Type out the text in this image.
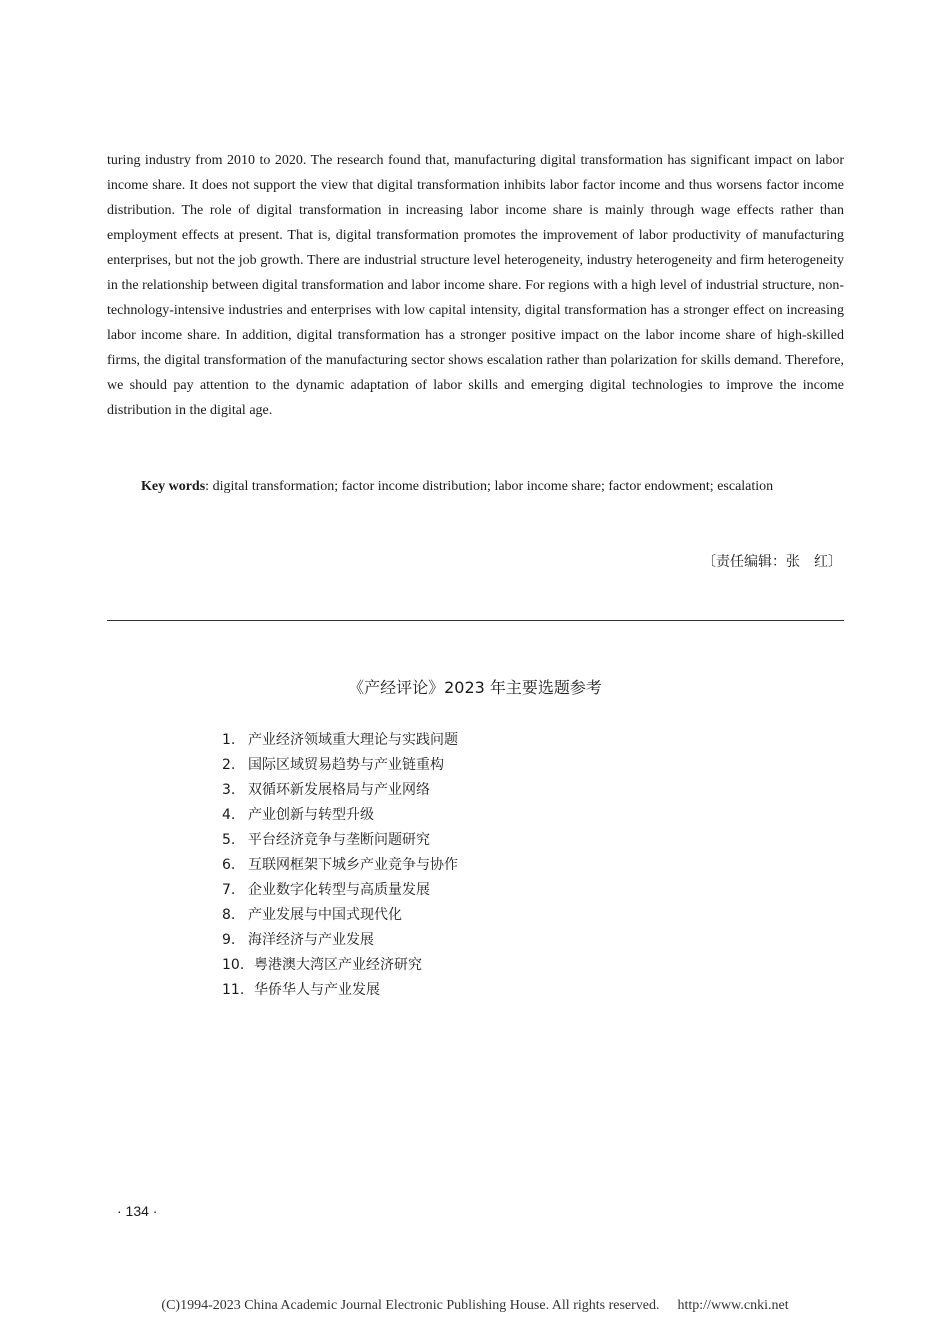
turing industry from 2010 to 2020. The research found that, manufacturing digital transformation has significant impact on labor income share. It does not support the view that digital transformation inhibits labor factor income and thus worsens factor income distribution. The role of digital transformation in increasing labor income share is mainly through wage effects rather than employment effects at present. That is, digital transformation promotes the improvement of labor productivity of manufacturing enterprises, but not the job growth. There are industrial structure level heterogeneity, industry heterogeneity and firm heterogeneity in the relationship between digital transformation and labor income share. For regions with a high level of industrial structure, non-technology-intensive industries and enterprises with low capital intensity, digital transformation has a stronger effect on increasing labor income share. In addition, digital transformation has a stronger positive impact on the labor income share of high-skilled firms, the digital transformation of the manufacturing sector shows escalation rather than polarization for skills demand. Therefore, we should pay attention to the dynamic adaptation of labor skills and emerging digital technologies to improve the income distribution in the digital age.

Key words: digital transformation; factor income distribution; labor income share; factor endowment; escalation

〔责任编辑：张　红〕
《产经评论》2023 年主要选题参考
1. 产业经济领域重大理论与实践问题
2. 国际区域贸易趋势与产业链重构
3. 双循环新发展格局与产业网络
4. 产业创新与转型升级
5. 平台经济竞争与垄断问题研究
6. 互联网框架下城乡产业竞争与协作
7. 企业数字化转型与高质量发展
8. 产业发展与中国式现代化
9. 海洋经济与产业发展
10. 粤港澳大湾区产业经济研究
11. 华侨华人与产业发展
· 134 ·
(C)1994-2023 China Academic Journal Electronic Publishing House. All rights reserved. http://www.cnki.net
